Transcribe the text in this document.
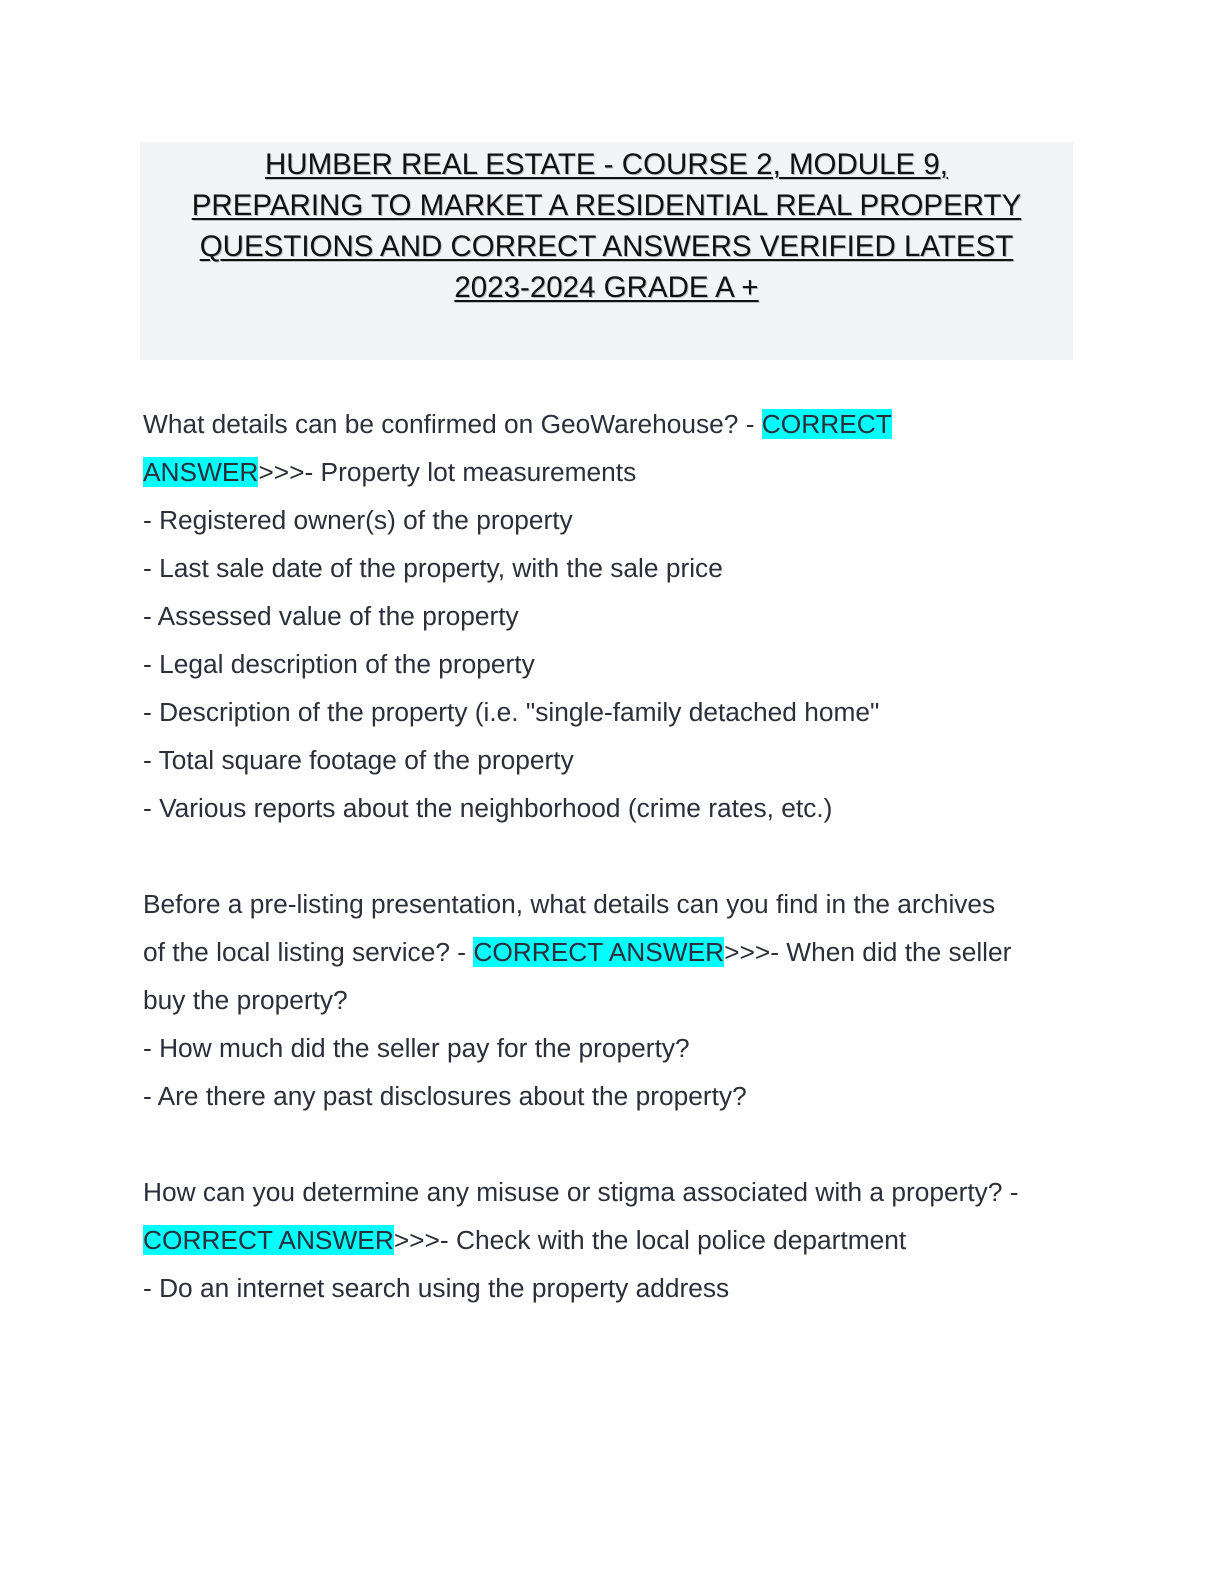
HUMBER REAL ESTATE - COURSE 2, MODULE 9,
PREPARING TO MARKET A RESIDENTIAL REAL PROPERTY
QUESTIONS AND CORRECT ANSWERS VERIFIED LATEST
2023-2024 GRADE A +
What details can be confirmed on GeoWarehouse? - CORRECT
ANSWER>>>- Property lot measurements
- Registered owner(s) of the property
- Last sale date of the property, with the sale price
- Assessed value of the property
- Legal description of the property
- Description of the property (i.e. "single-family detached home"
- Total square footage of the property
- Various reports about the neighborhood (crime rates, etc.)
Before a pre-listing presentation, what details can you find in the archives
of the local listing service? - CORRECT ANSWER>>>- When did the seller
buy the property?
- How much did the seller pay for the property?
- Are there any past disclosures about the property?
How can you determine any misuse or stigma associated with a property? -
CORRECT ANSWER>>>- Check with the local police department
- Do an internet search using the property address
